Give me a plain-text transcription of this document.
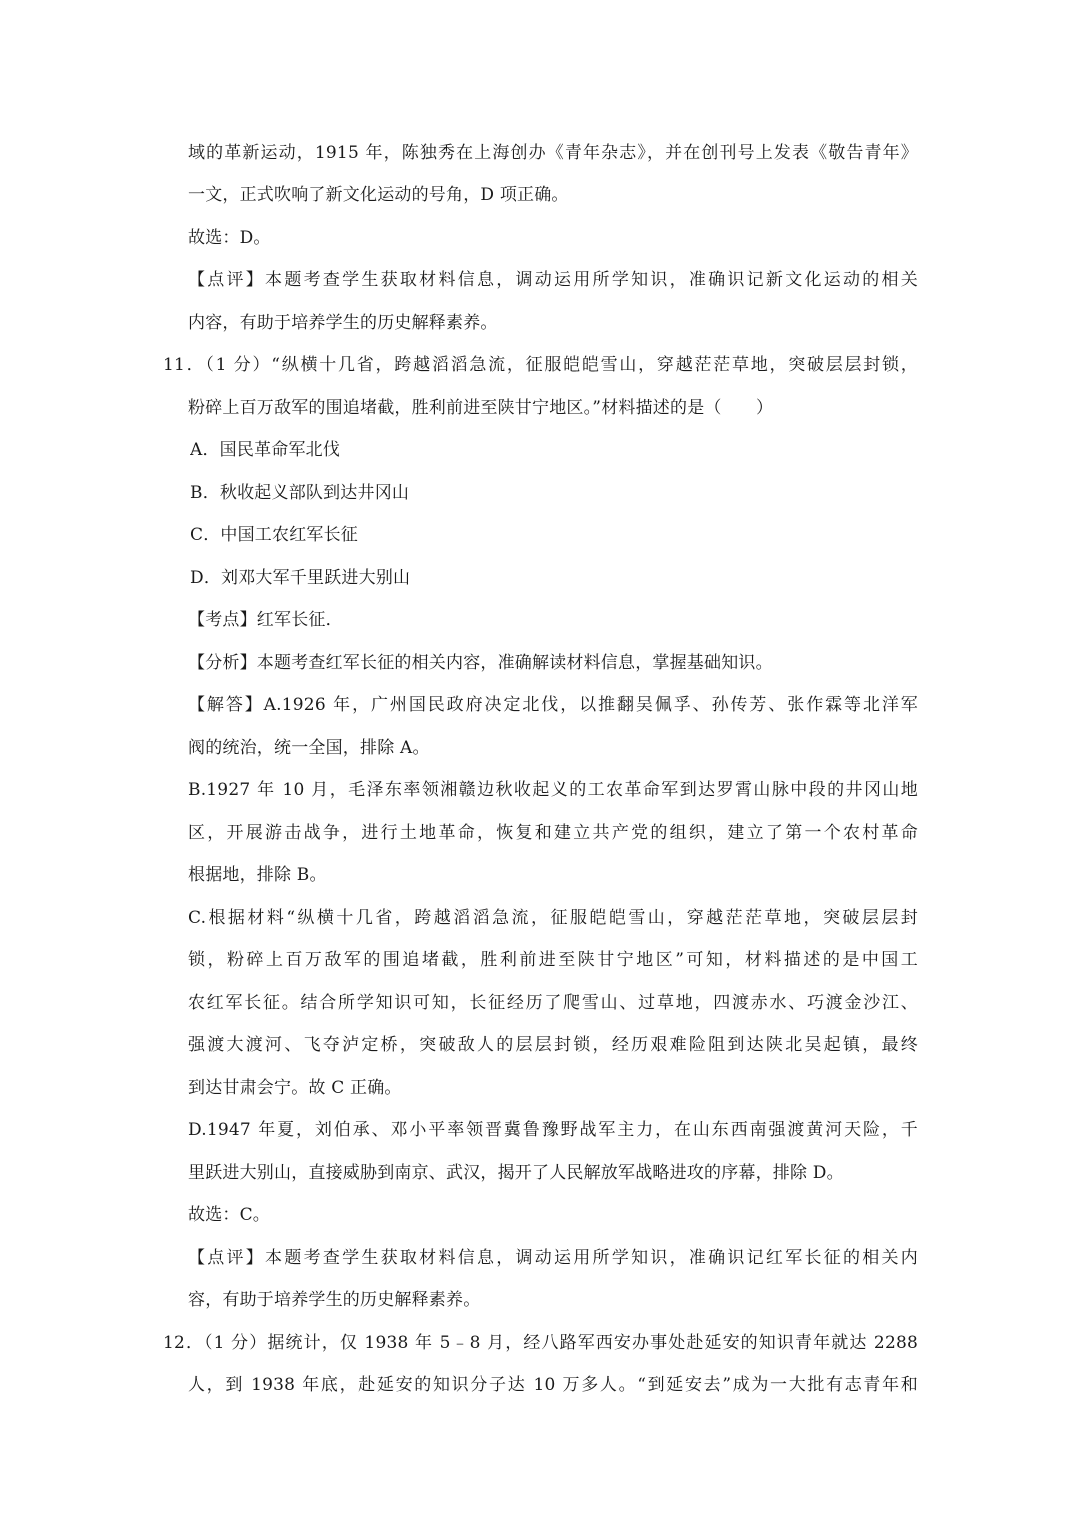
域的革新运动，1915 年，陈独秀在上海创办《青年杂志》，并在创刊号上发表《敬告青年》
一文，正式吹响了新文化运动的号角，D 项正确。
故选：D。
【点评】本题考查学生获取材料信息，调动运用所学知识，准确识记新文化运动的相关
内容，有助于培养学生的历史解释素养。
11．（1 分）“纵横十几省，跨越滔滔急流，征服皑皑雪山，穿越茫茫草地，突破层层封锁，
粉碎上百万敌军的围追堵截，胜利前进至陕甘宁地区。”材料描述的是（　　）
A．国民革命军北伐
B．秋收起义部队到达井冈山
C．中国工农红军长征
D．刘邓大军千里跃进大别山
【考点】红军长征．
【分析】本题考查红军长征的相关内容，准确解读材料信息，掌握基础知识。
【解答】A.1926 年，广州国民政府决定北伐，以推翻吴佩孚、孙传芳、张作霖等北洋军
阀的统治，统一全国，排除 A。
B.1927 年 10 月，毛泽东率领湘赣边秋收起义的工农革命军到达罗霄山脉中段的井冈山地
区，开展游击战争，进行土地革命，恢复和建立共产党的组织，建立了第一个农村革命
根据地，排除 B。
C.根据材料“纵横十几省，跨越滔滔急流，征服皑皑雪山，穿越茫茫草地，突破层层封
锁，粉碎上百万敌军的围追堵截，胜利前进至陕甘宁地区”可知，材料描述的是中国工
农红军长征。结合所学知识可知，长征经历了爬雪山、过草地，四渡赤水、巧渡金沙江、
强渡大渡河、飞夺泸定桥，突破敌人的层层封锁，经历艰难险阻到达陕北吴起镇，最终
到达甘肃会宁。故 C 正确。
D.1947 年夏，刘伯承、邓小平率领晋冀鲁豫野战军主力，在山东西南强渡黄河天险，千
里跃进大别山，直接威胁到南京、武汉，揭开了人民解放军战略进攻的序幕，排除 D。
故选：C。
【点评】本题考查学生获取材料信息，调动运用所学知识，准确识记红军长征的相关内
容，有助于培养学生的历史解释素养。
12．（1 分）据统计，仅 1938 年 5﹣8 月，经八路军西安办事处赴延安的知识青年就达 2288
人，到 1938 年底，赴延安的知识分子达 10 万多人。“到延安去”成为一大批有志青年和
